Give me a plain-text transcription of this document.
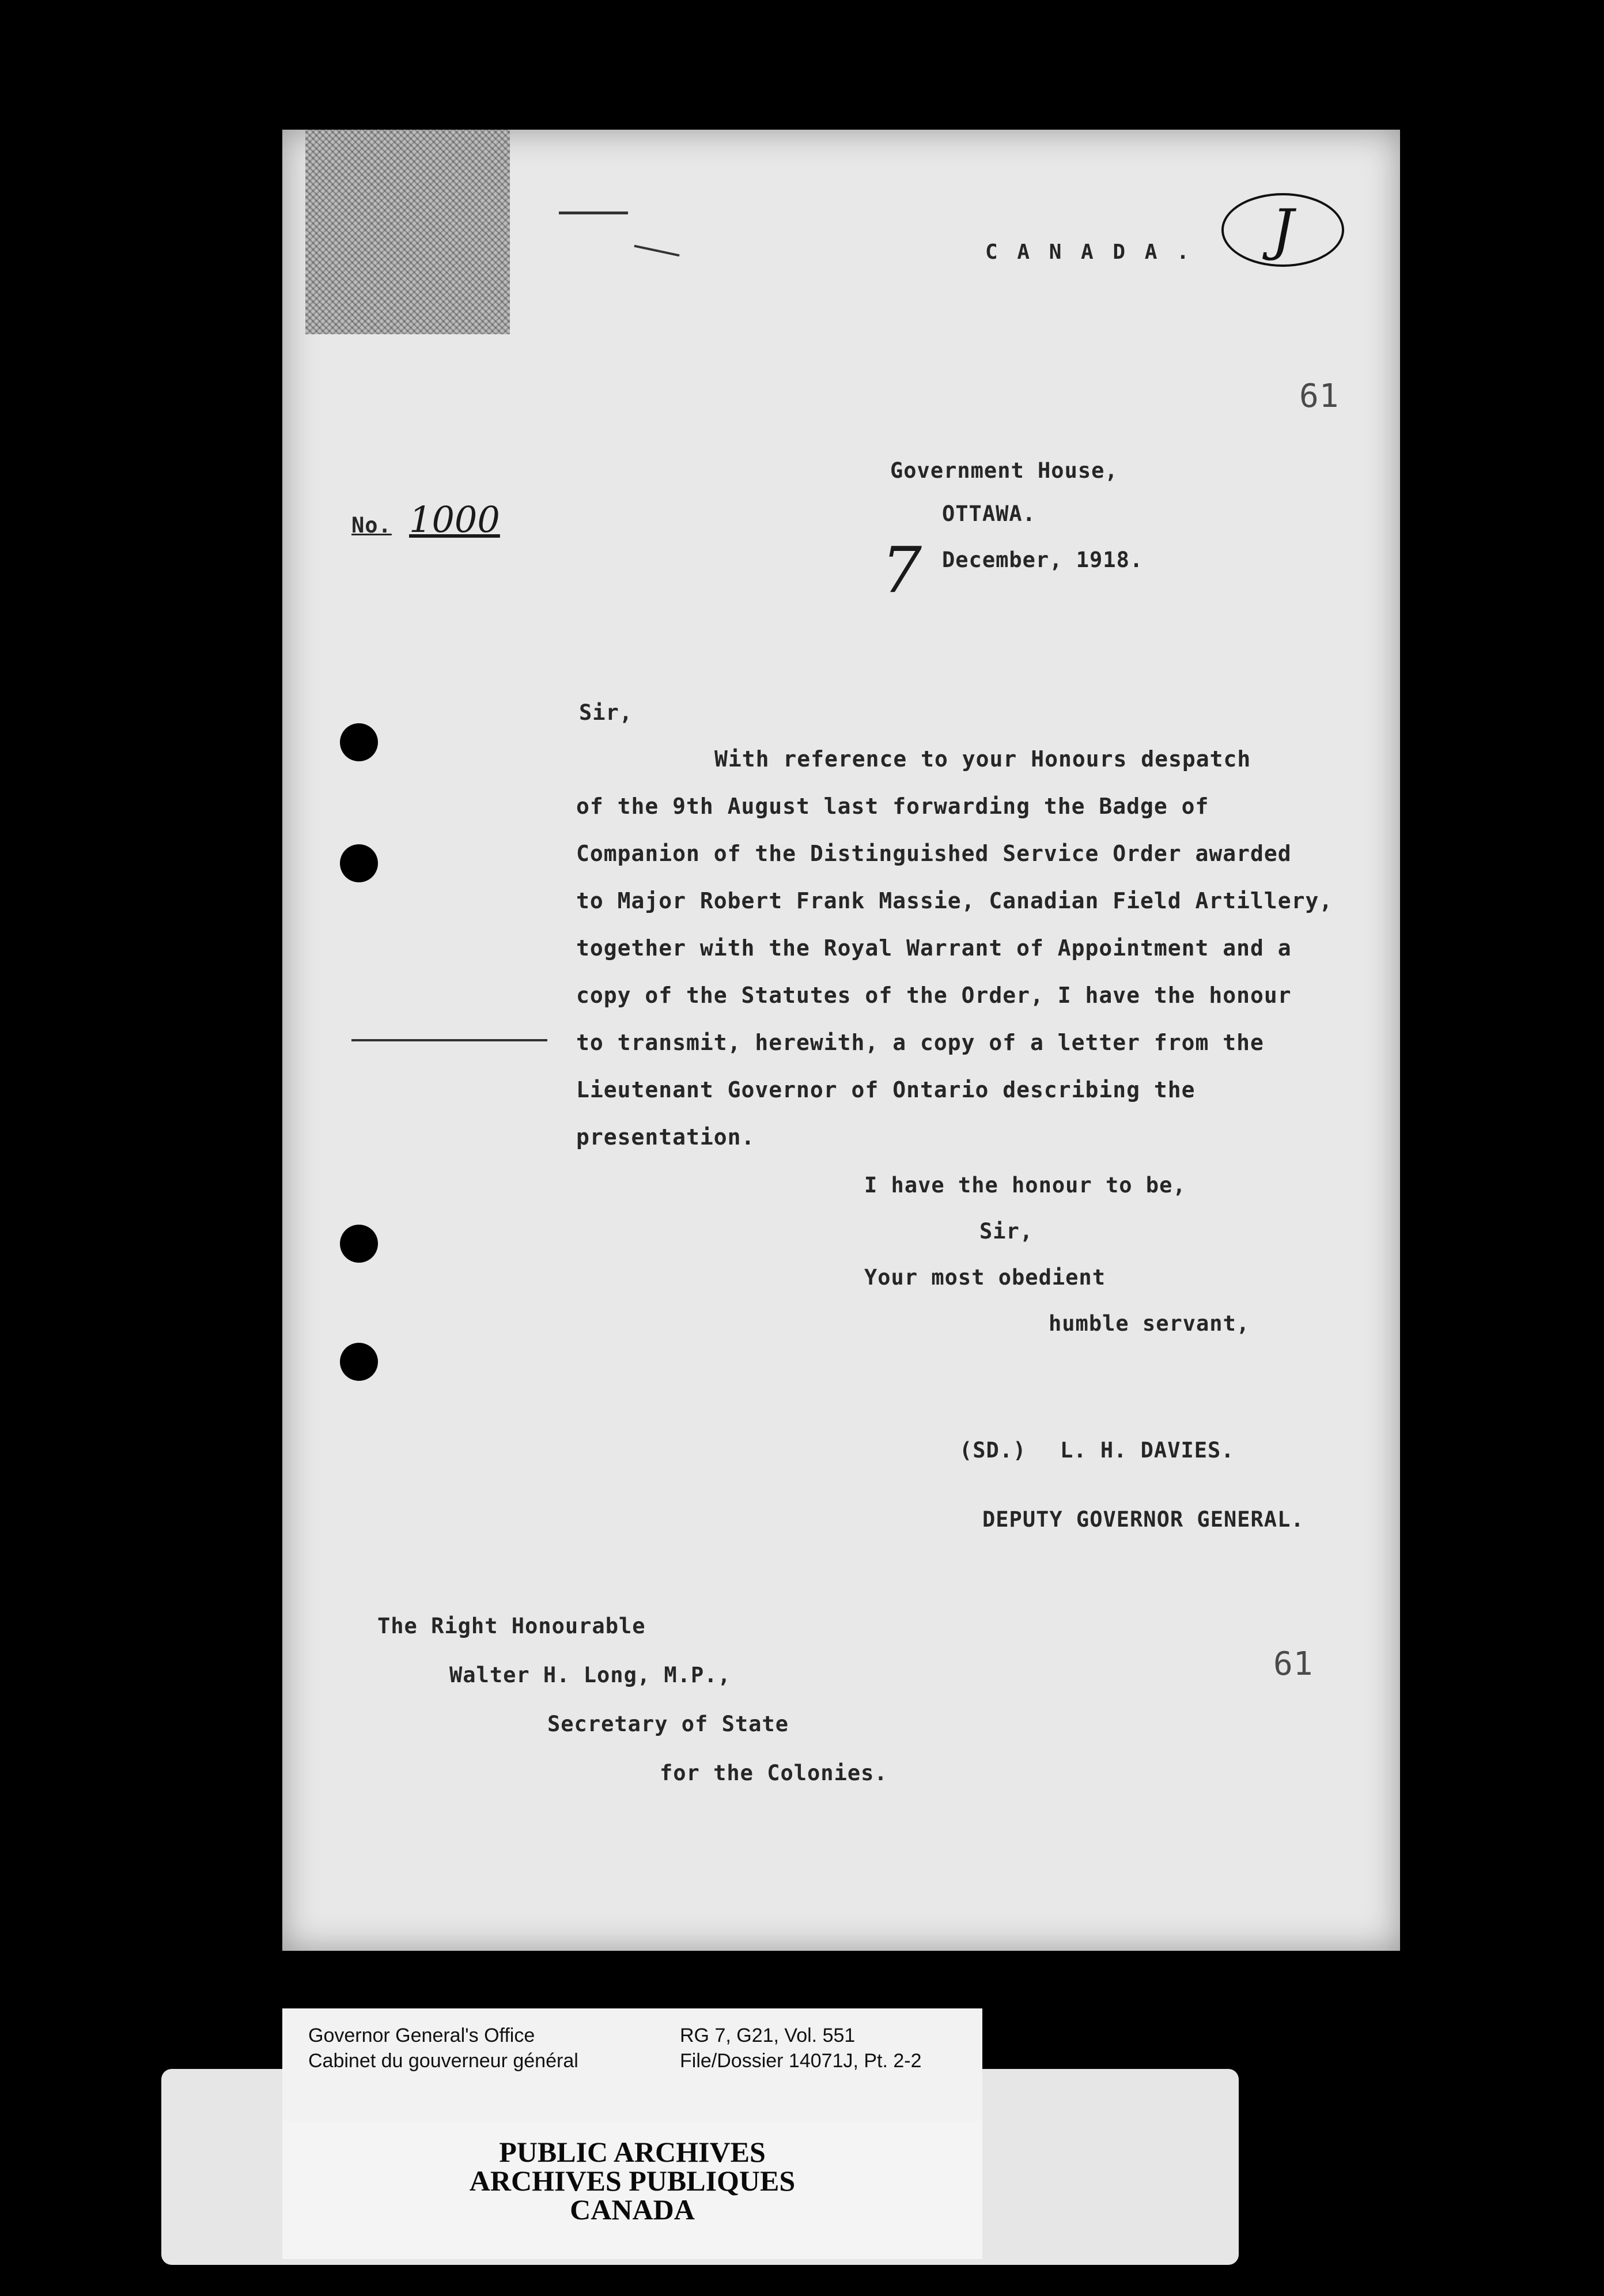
C A N A D A . J
61
Government House,
OTTAWA.
7 December, 1918.
No. 1000
Sir,
With reference to your Honours despatch
of the 9th August last forwarding the Badge of
Companion of the Distinguished Service Order awarded
to Major Robert Frank Massie, Canadian Field Artillery,
together with the Royal Warrant of Appointment and a
copy of the Statutes of the Order, I have the honour
to transmit, herewith, a copy of a letter from the
Lieutenant Governor of Ontario describing the
presentation.
I have the honour to be,
Sir,
Your most obedient
humble servant,
(SD.) L. H. DAVIES.
DEPUTY GOVERNOR GENERAL.
The Right Honourable
Walter H. Long, M.P.,
Secretary of State
for the Colonies.
61
Governor General's Office
Cabinet du gouverneur général
RG 7, G21, Vol. 551
File/Dossier 14071J, Pt. 2-2
PUBLIC ARCHIVES
ARCHIVES PUBLIQUES
CANADA
